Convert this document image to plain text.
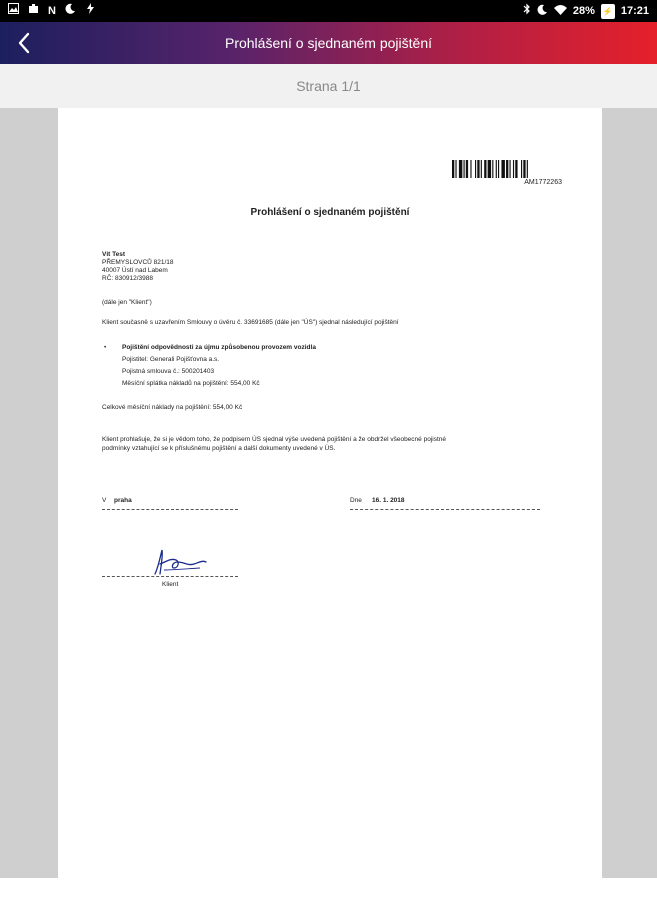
N	28% ⚡ 17:21
Prohlášení o sjednaném pojištění
Strana 1/1
AM1772263
Prohlášení o sjednaném pojištění
Vít Test
PŘEMYSLOVCŮ 821/18
40007 Ústí nad Labem
RČ: 830912/3988
(dále jen "Klient")
Klient současně s uzavřením Smlouvy o úvěru č. 33691685 (dále jen "ÚS") sjednal následující pojištění
• Pojištění odpovědnosti za újmu způsobenou provozem vozidla
Pojistitel: Generali Pojišťovna a.s.
Pojistná smlouva č.: 500201403
Měsíční splátka nákladů na pojištění: 554,00 Kč
Celkové měsíční náklady na pojištění: 554,00 Kč
Klient prohlašuje, že si je vědom toho, že podpisem ÚS sjednal výše uvedená pojištění a že obdržel všeobecné pojistné
podmínky vztahující se k příslušnému pojištění a další dokumenty uvedené v ÚS.
V praha	Dne 16. 1. 2018
Klient
